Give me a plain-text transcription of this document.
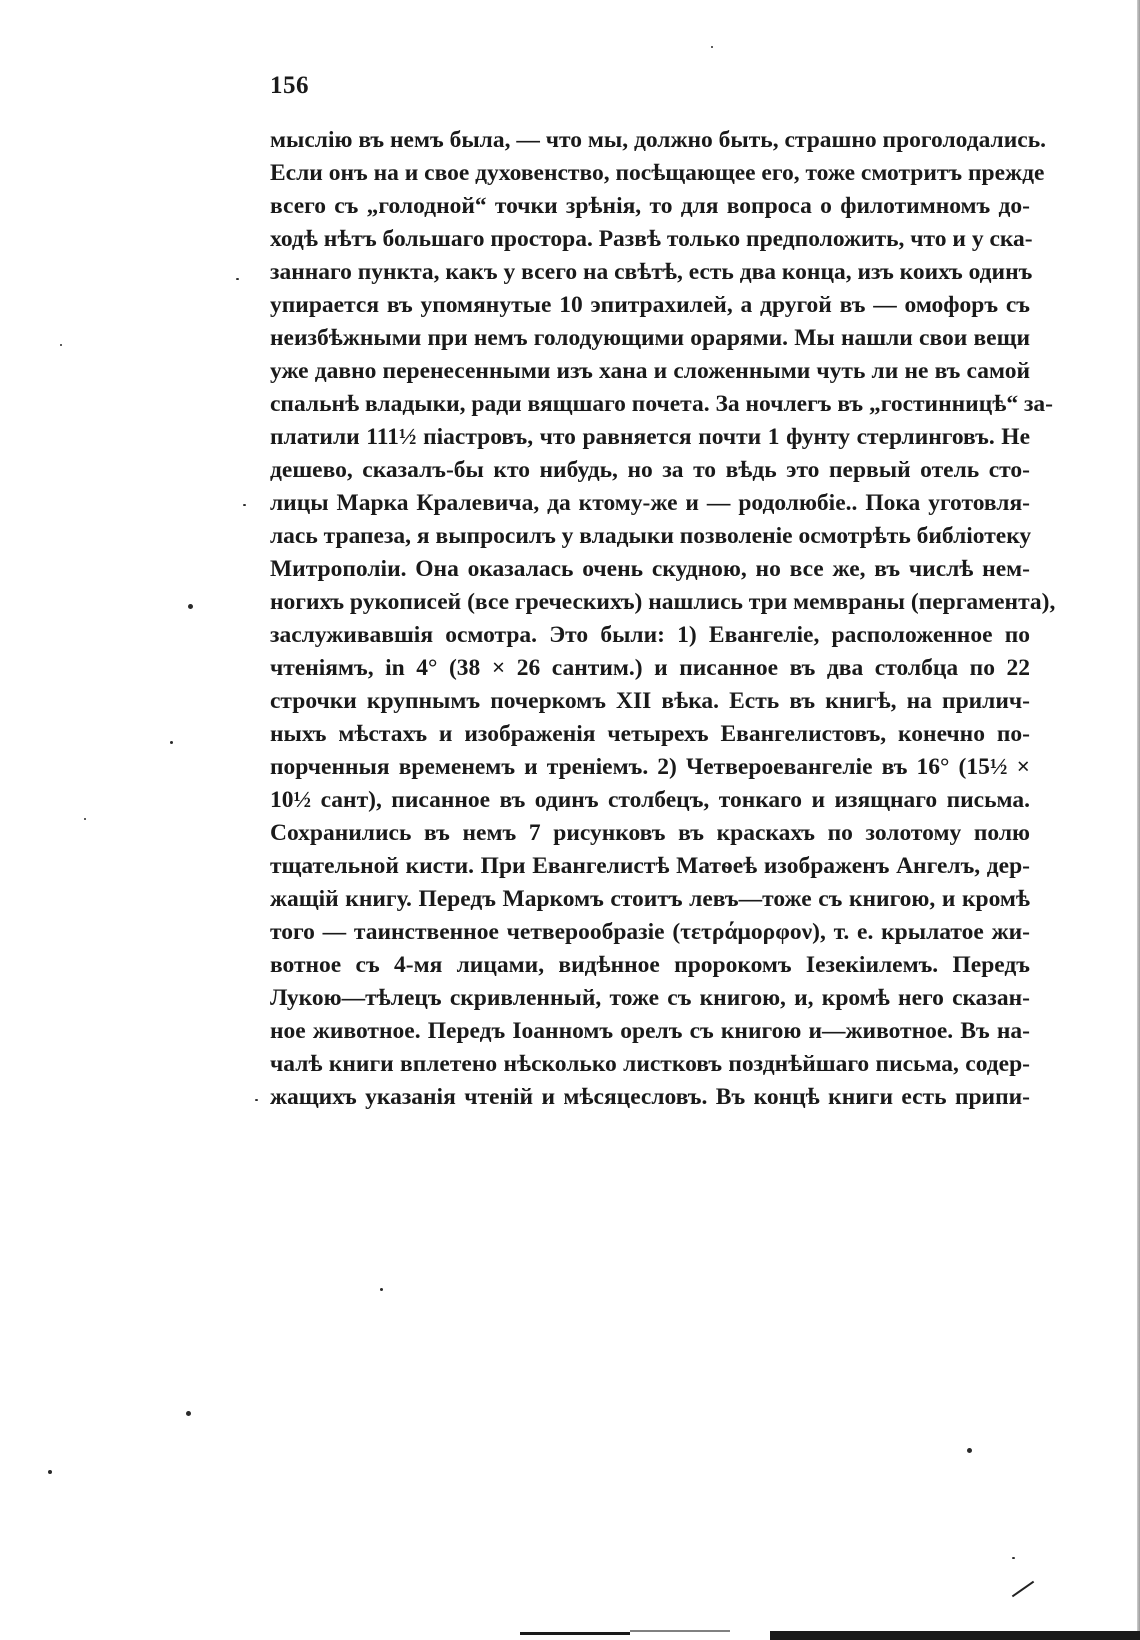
156
мыслію въ немъ была, — что мы, должно быть, страшно проголодались.
Если онъ на и свое духовенство, посѣщающее его, тоже смотритъ прежде
всего съ „голодной“ точки зрѣнія, то для вопроса о филотимномъ до-
ходѣ нѣтъ большаго простора. Развѣ только предположить, что и у ска-
заннаго пункта, какъ у всего на свѣтѣ, есть два конца, изъ коихъ одинъ
упирается въ упомянутые 10 эпитрахилей, а другой въ — омофоръ съ
неизбѣжными при немъ голодующими орарями. Мы нашли свои вещи
уже давно перенесенными изъ хана и сложенными чуть ли не въ самой
спальнѣ владыки, ради вящшаго почета. За ночлегъ въ „гостинницѣ“ за-
платили 111½ піастровъ, что равняется почти 1 фунту стерлинговъ. Не
дешево, сказалъ-бы кто нибудь, но за то вѣдь это первый отель сто-
лицы Марка Кралевича, да ктому-же и — родолюбіе.. Пока уготовля-
лась трапеза, я выпросилъ у владыки позволеніе осмотрѣть библіотеку
Митрополіи. Она оказалась очень скудною, но все же, въ числѣ нем-
ногихъ рукописей (все греческихъ) нашлись три мемвраны (пергамента),
заслуживавшія осмотра. Это были: 1) Евангеліе, расположенное по
чтеніямъ, in 4° (38 × 26 сантим.) и писанное въ два столбца по 22
строчки крупнымъ почеркомъ XII вѣка. Есть въ книгѣ, на прилич-
ныхъ мѣстахъ и изображенія четырехъ Евангелистовъ, конечно по-
порченныя временемъ и треніемъ. 2) Четвероевангеліе въ 16° (15½ ×
10½ сант), писанное въ одинъ столбецъ, тонкаго и изящнаго письма.
Сохранились въ немъ 7 рисунковъ въ краскахъ по золотому полю
тщательной кисти. При Евангелистѣ Матѳеѣ изображенъ Ангелъ, дер-
жащій книгу. Передъ Маркомъ стоитъ левъ—тоже съ книгою, и кромѣ
того — таинственное четверообразіе (τετράμορφον), т. е. крылатое жи-
вотное съ 4-мя лицами, видѣнное пророкомъ Іезекіилемъ. Передъ
Лукою—тѣлецъ скривленный, тоже съ книгою, и, кромѣ него сказан-
ное животное. Передъ Іоанномъ орелъ съ книгою и—животное. Въ на-
чалѣ книги вплетено нѣсколько листковъ позднѣйшаго письма, содер-
жащихъ указанія чтеній и мѣсяцесловъ. Въ концѣ книги есть припи-
